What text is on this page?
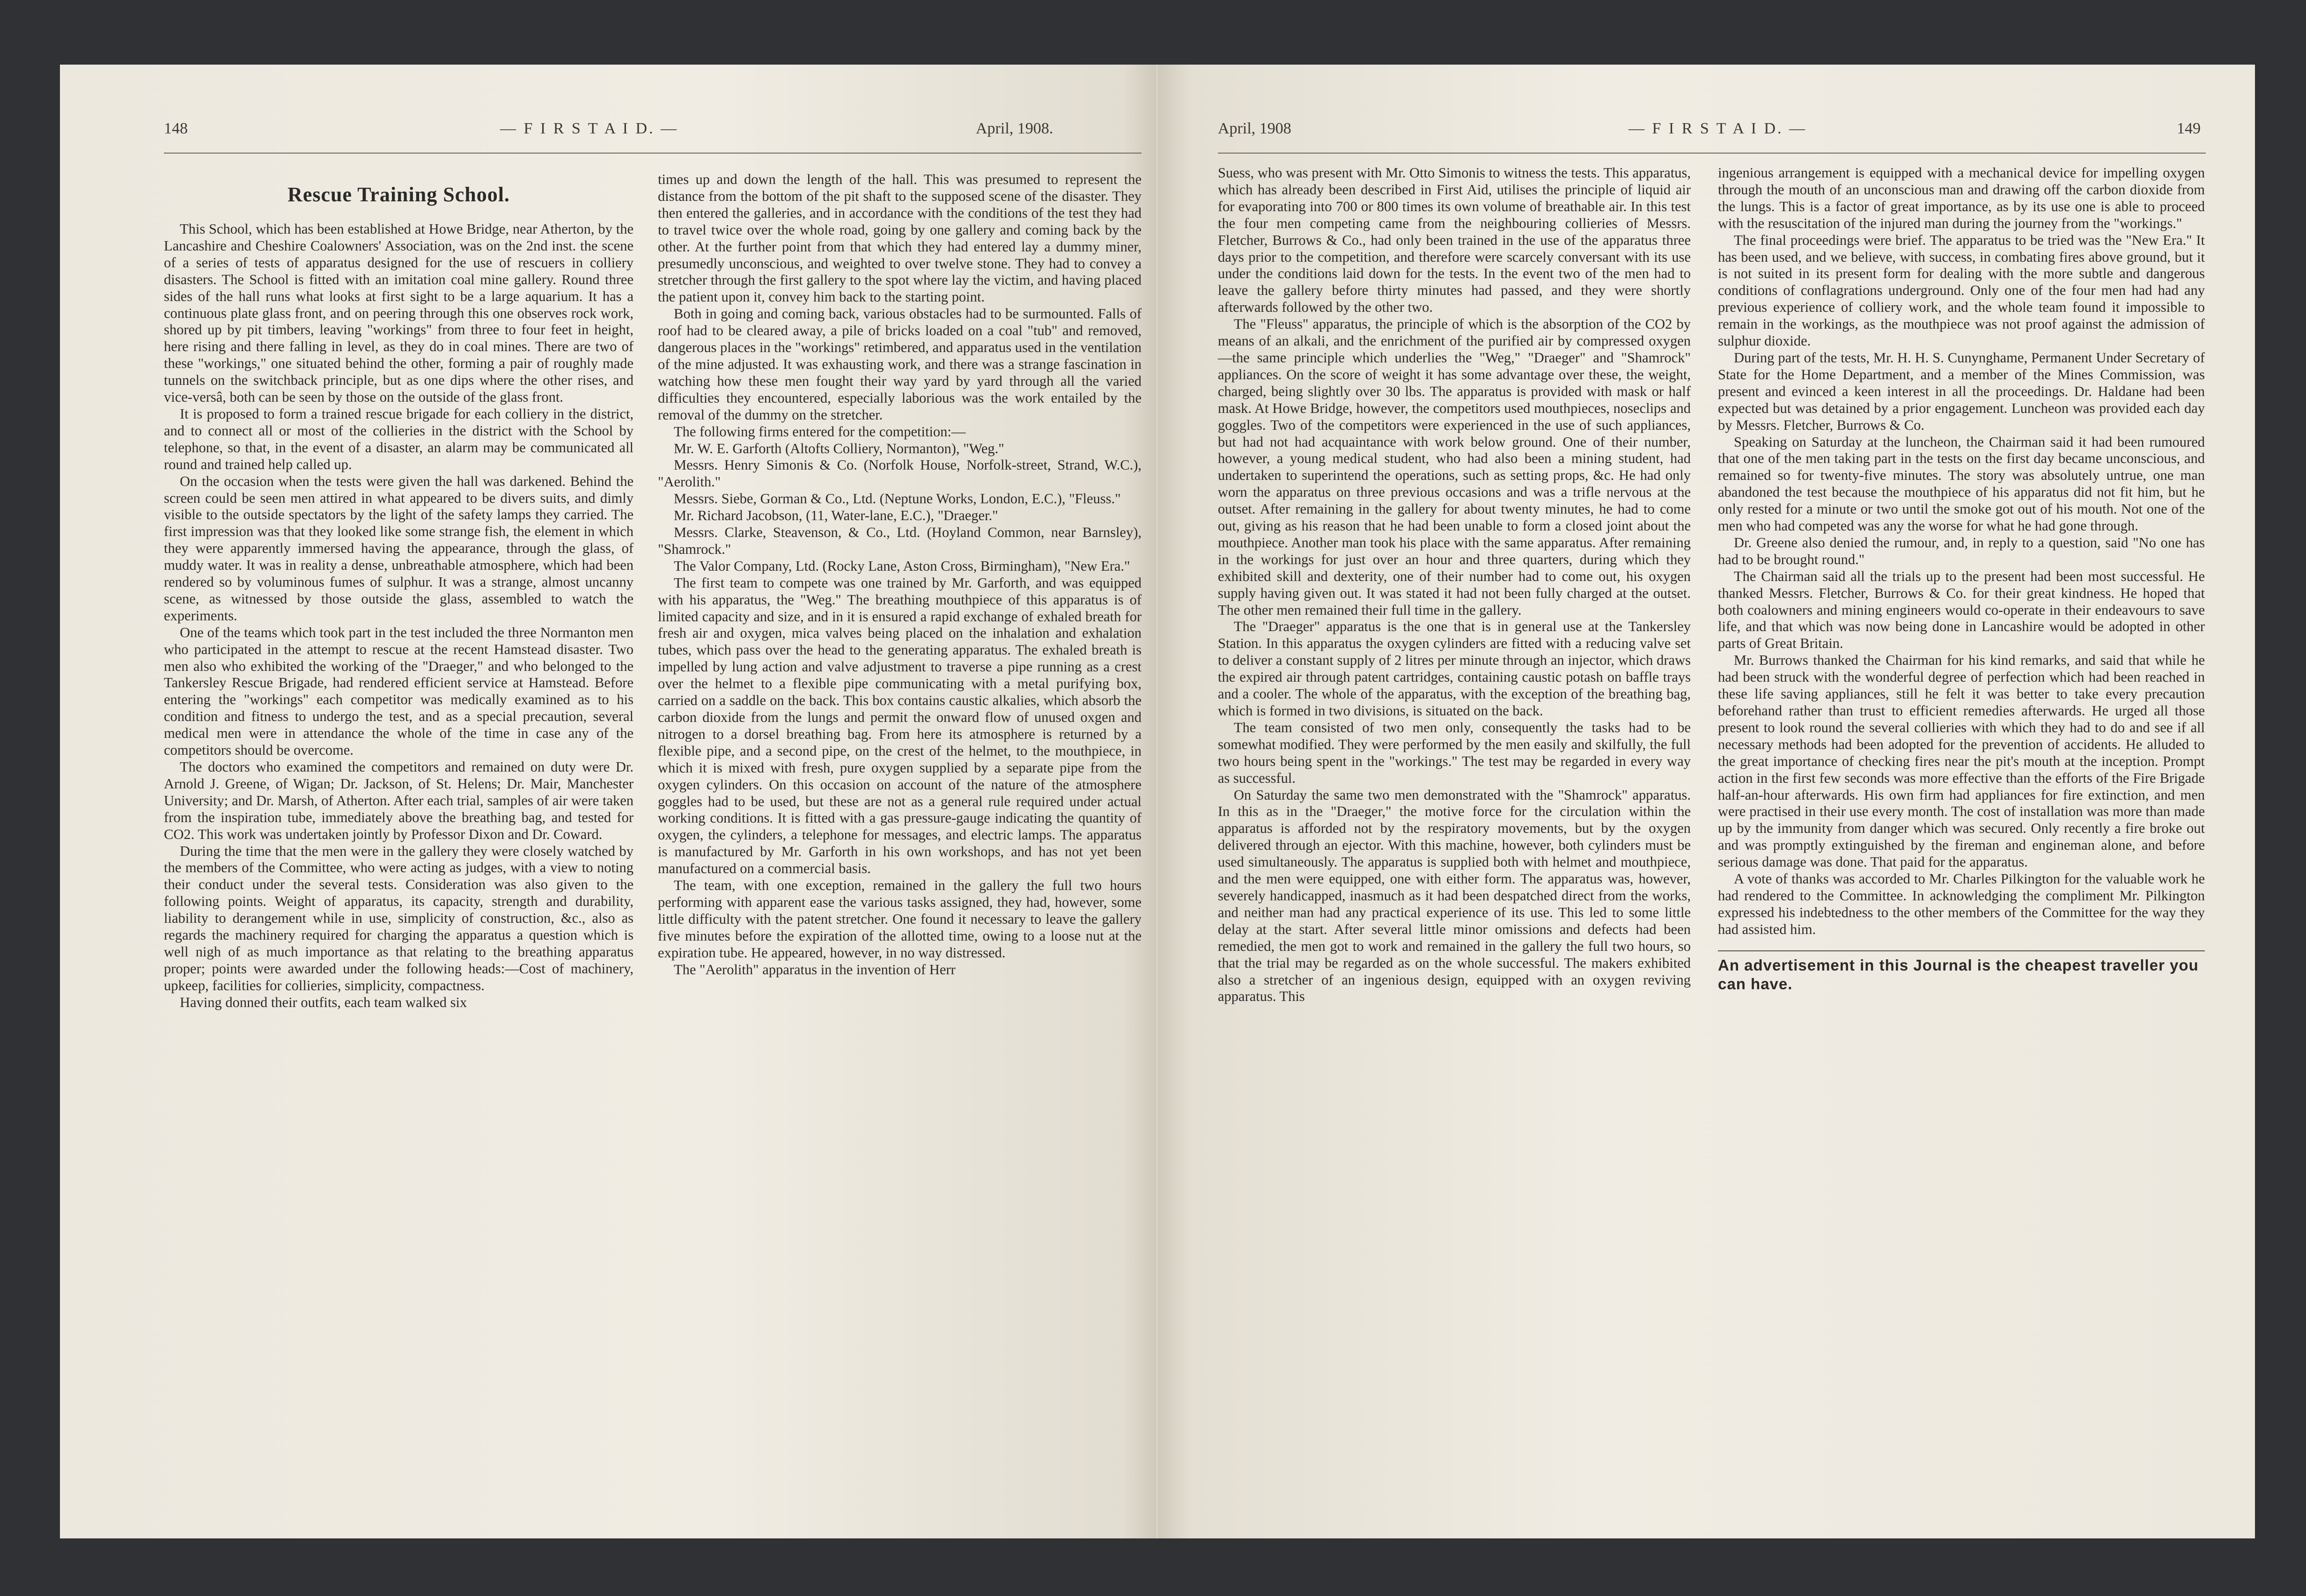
148	— F I R S T A I D. —	April, 1908.
Rescue Training School.

This School, which has been established at Howe Bridge, near Atherton, by the Lancashire and Cheshire Coalowners' Association, was on the 2nd inst. the scene of a series of tests of apparatus designed for the use of rescuers in colliery disasters. The School is fitted with an imitation coal mine gallery. Round three sides of the hall runs what looks at first sight to be a large aquarium. It has a continuous plate glass front, and on peering through this one observes rock work, shored up by pit timbers, leaving "workings" from three to four feet in height, here rising and there falling in level, as they do in coal mines. There are two of these "workings," one situated behind the other, forming a pair of roughly made tunnels on the switchback principle, but as one dips where the other rises, and vice-versâ, both can be seen by those on the outside of the glass front.

It is proposed to form a trained rescue brigade for each colliery in the district, and to connect all or most of the collieries in the district with the School by telephone, so that, in the event of a disaster, an alarm may be communicated all round and trained help called up.

On the occasion when the tests were given the hall was darkened. Behind the screen could be seen men attired in what appeared to be divers suits, and dimly visible to the outside spectators by the light of the safety lamps they carried. The first impression was that they looked like some strange fish, the element in which they were apparently immersed having the appearance, through the glass, of muddy water. It was in reality a dense, unbreathable atmosphere, which had been rendered so by voluminous fumes of sulphur. It was a strange, almost uncanny scene, as witnessed by those outside the glass, assembled to watch the experiments.

One of the teams which took part in the test included the three Normanton men who participated in the attempt to rescue at the recent Hamstead disaster. Two men also who exhibited the working of the "Draeger," and who belonged to the Tankersley Rescue Brigade, had rendered efficient service at Hamstead. Before entering the "workings" each competitor was medically examined as to his condition and fitness to undergo the test, and as a special precaution, several medical men were in attendance the whole of the time in case any of the competitors should be overcome.

The doctors who examined the competitors and remained on duty were Dr. Arnold J. Greene, of Wigan; Dr. Jackson, of St. Helens; Dr. Mair, Manchester University; and Dr. Marsh, of Atherton. After each trial, samples of air were taken from the inspiration tube, immediately above the breathing bag, and tested for CO2. This work was undertaken jointly by Professor Dixon and Dr. Coward.

During the time that the men were in the gallery they were closely watched by the members of the Committee, who were acting as judges, with a view to noting their conduct under the several tests. Consideration was also given to the following points. Weight of apparatus, its capacity, strength and durability, liability to derangement while in use, simplicity of construction, &c., also as regards the machinery required for charging the apparatus a question which is well nigh of as much importance as that relating to the breathing apparatus proper; points were awarded under the following heads:—Cost of machinery, upkeep, facilities for collieries, simplicity, compactness.

Having donned their outfits, each team walked six

times up and down the length of the hall. This was presumed to represent the distance from the bottom of the pit shaft to the supposed scene of the disaster. They then entered the galleries, and in accordance with the conditions of the test they had to travel twice over the whole road, going by one gallery and coming back by the other. At the further point from that which they had entered lay a dummy miner, presumedly unconscious, and weighted to over twelve stone. They had to convey a stretcher through the first gallery to the spot where lay the victim, and having placed the patient upon it, convey him back to the starting point.

Both in going and coming back, various obstacles had to be surmounted. Falls of roof had to be cleared away, a pile of bricks loaded on a coal "tub" and removed, dangerous places in the "workings" retimbered, and apparatus used in the ventilation of the mine adjusted. It was exhausting work, and there was a strange fascination in watching how these men fought their way yard by yard through all the varied difficulties they encountered, especially laborious was the work entailed by the removal of the dummy on the stretcher.

The following firms entered for the competition:—

Mr. W. E. Garforth (Altofts Colliery, Normanton), "Weg."

Messrs. Henry Simonis & Co. (Norfolk House, Norfolk-street, Strand, W.C.), "Aerolith."

Messrs. Siebe, Gorman & Co., Ltd. (Neptune Works, London, E.C.), "Fleuss."

Mr. Richard Jacobson, (11, Water-lane, E.C.), "Draeger."

Messrs. Clarke, Steavenson, & Co., Ltd. (Hoyland Common, near Barnsley), "Shamrock."

The Valor Company, Ltd. (Rocky Lane, Aston Cross, Birmingham), "New Era."

The first team to compete was one trained by Mr. Garforth, and was equipped with his apparatus, the "Weg." The breathing mouthpiece of this apparatus is of limited capacity and size, and in it is ensured a rapid exchange of exhaled breath for fresh air and oxygen, mica valves being placed on the inhalation and exhalation tubes, which pass over the head to the generating apparatus. The exhaled breath is impelled by lung action and valve adjustment to traverse a pipe running as a crest over the helmet to a flexible pipe communicating with a metal purifying box, carried on a saddle on the back. This box contains caustic alkalies, which absorb the carbon dioxide from the lungs and permit the onward flow of unused oxgen and nitrogen to a dorsel breathing bag. From here its atmosphere is returned by a flexible pipe, and a second pipe, on the crest of the helmet, to the mouthpiece, in which it is mixed with fresh, pure oxygen supplied by a separate pipe from the oxygen cylinders. On this occasion on account of the nature of the atmosphere goggles had to be used, but these are not as a general rule required under actual working conditions. It is fitted with a gas pressure-gauge indicating the quantity of oxygen, the cylinders, a telephone for messages, and electric lamps. The apparatus is manufactured by Mr. Garforth in his own workshops, and has not yet been manufactured on a commercial basis.

The team, with one exception, remained in the gallery the full two hours performing with apparent ease the various tasks assigned, they had, however, some little difficulty with the patent stretcher. One found it necessary to leave the gallery five minutes before the expiration of the allotted time, owing to a loose nut at the expiration tube. He appeared, however, in no way distressed.

The "Aerolith" apparatus in the invention of Herr

April, 1908	— F I R S T A I D. —	149

Suess, who was present with Mr. Otto Simonis to witness the tests. This apparatus, which has already been described in First Aid, utilises the principle of liquid air for evaporating into 700 or 800 times its own volume of breathable air. In this test the four men competing came from the neighbouring collieries of Messrs. Fletcher, Burrows & Co., had only been trained in the use of the apparatus three days prior to the competition, and therefore were scarcely conversant with its use under the conditions laid down for the tests. In the event two of the men had to leave the gallery before thirty minutes had passed, and they were shortly afterwards followed by the other two.

The "Fleuss" apparatus, the principle of which is the absorption of the CO2 by means of an alkali, and the enrichment of the purified air by compressed oxygen—the same principle which underlies the "Weg," "Draeger" and "Shamrock" appliances. On the score of weight it has some advantage over these, the weight, charged, being slightly over 30 lbs. The apparatus is provided with mask or half mask. At Howe Bridge, however, the competitors used mouthpieces, noseclips and goggles. Two of the competitors were experienced in the use of such appliances, but had not had acquaintance with work below ground. One of their number, however, a young medical student, who had also been a mining student, had undertaken to superintend the operations, such as setting props, &c. He had only worn the apparatus on three previous occasions and was a trifle nervous at the outset. After remaining in the gallery for about twenty minutes, he had to come out, giving as his reason that he had been unable to form a closed joint about the mouthpiece. Another man took his place with the same apparatus. After remaining in the workings for just over an hour and three quarters, during which they exhibited skill and dexterity, one of their number had to come out, his oxygen supply having given out. It was stated it had not been fully charged at the outset. The other men remained their full time in the gallery.

The "Draeger" apparatus is the one that is in general use at the Tankersley Station. In this apparatus the oxygen cylinders are fitted with a reducing valve set to deliver a constant supply of 2 litres per minute through an injector, which draws the expired air through patent cartridges, containing caustic potash on baffle trays and a cooler. The whole of the apparatus, with the exception of the breathing bag, which is formed in two divisions, is situated on the back.

The team consisted of two men only, consequently the tasks had to be somewhat modified. They were performed by the men easily and skilfully, the full two hours being spent in the "workings." The test may be regarded in every way as successful.

On Saturday the same two men demonstrated with the "Shamrock" apparatus. In this as in the "Draeger," the motive force for the circulation within the apparatus is afforded not by the respiratory movements, but by the oxygen delivered through an ejector. With this machine, however, both cylinders must be used simultaneously. The apparatus is supplied both with helmet and mouthpiece, and the men were equipped, one with either form. The apparatus was, however, severely handicapped, inasmuch as it had been despatched direct from the works, and neither man had any practical experience of its use. This led to some little delay at the start. After several little minor omissions and defects had been remedied, the men got to work and remained in the gallery the full two hours, so that the trial may be regarded as on the whole successful. The makers exhibited also a stretcher of an ingenious design, equipped with an oxygen reviving apparatus. This

ingenious arrangement is equipped with a mechanical device for impelling oxygen through the mouth of an unconscious man and drawing off the carbon dioxide from the lungs. This is a factor of great importance, as by its use one is able to proceed with the resuscitation of the injured man during the journey from the "workings."

The final proceedings were brief. The apparatus to be tried was the "New Era." It has been used, and we believe, with success, in combating fires above ground, but it is not suited in its present form for dealing with the more subtle and dangerous conditions of conflagrations underground. Only one of the four men had had any previous experience of colliery work, and the whole team found it impossible to remain in the workings, as the mouthpiece was not proof against the admission of sulphur dioxide.

During part of the tests, Mr. H. H. S. Cunynghame, Permanent Under Secretary of State for the Home Department, and a member of the Mines Commission, was present and evinced a keen interest in all the proceedings. Dr. Haldane had been expected but was detained by a prior engagement. Luncheon was provided each day by Messrs. Fletcher, Burrows & Co.

Speaking on Saturday at the luncheon, the Chairman said it had been rumoured that one of the men taking part in the tests on the first day became unconscious, and remained so for twenty-five minutes. The story was absolutely untrue, one man abandoned the test because the mouthpiece of his apparatus did not fit him, but he only rested for a minute or two until the smoke got out of his mouth. Not one of the men who had competed was any the worse for what he had gone through.

Dr. Greene also denied the rumour, and, in reply to a question, said "No one has had to be brought round."

The Chairman said all the trials up to the present had been most successful. He thanked Messrs. Fletcher, Burrows & Co. for their great kindness. He hoped that both coalowners and mining engineers would co-operate in their endeavours to save life, and that which was now being done in Lancashire would be adopted in other parts of Great Britain.

Mr. Burrows thanked the Chairman for his kind remarks, and said that while he had been struck with the wonderful degree of perfection which had been reached in these life saving appliances, still he felt it was better to take every precaution beforehand rather than trust to efficient remedies afterwards. He urged all those present to look round the several collieries with which they had to do and see if all necessary methods had been adopted for the prevention of accidents. He alluded to the great importance of checking fires near the pit's mouth at the inception. Prompt action in the first few seconds was more effective than the efforts of the Fire Brigade half-an-hour afterwards. His own firm had appliances for fire extinction, and men were practised in their use every month. The cost of installation was more than made up by the immunity from danger which was secured. Only recently a fire broke out and was promptly extinguished by the fireman and engineman alone, and before serious damage was done. That paid for the apparatus.

A vote of thanks was accorded to Mr. Charles Pilkington for the valuable work he had rendered to the Committee. In acknowledging the compliment Mr. Pilkington expressed his indebtedness to the other members of the Committee for the way they had assisted him.

An advertisement in this Journal is the cheapest traveller you can have.
